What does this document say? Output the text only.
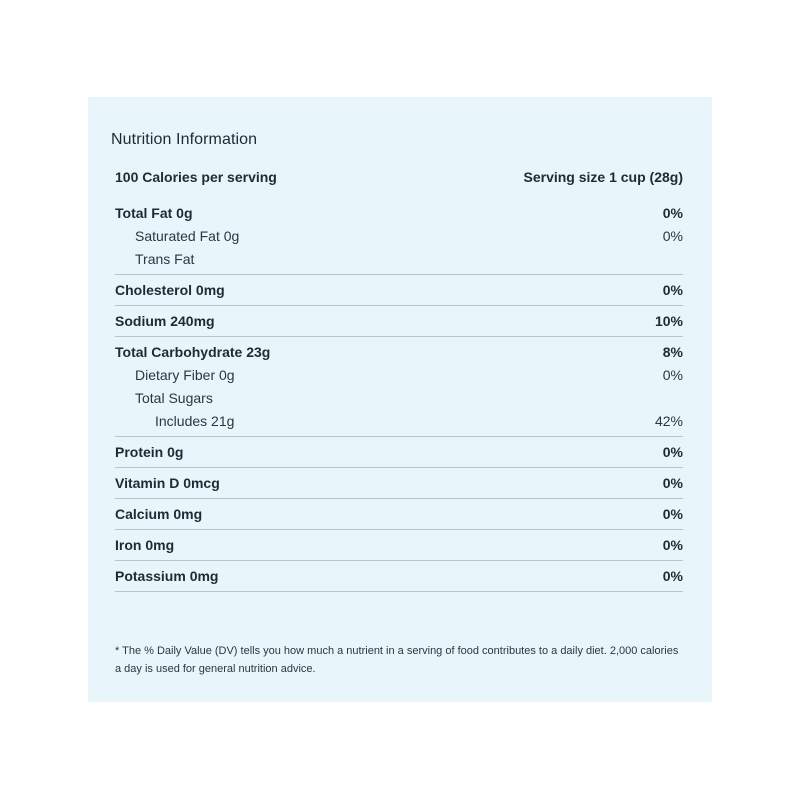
Nutrition Information
100 Calories per serving	Serving size 1 cup (28g)
Total Fat 0g	0%
Saturated Fat 0g	0%
Trans Fat
Cholesterol 0mg	0%
Sodium 240mg	10%
Total Carbohydrate 23g	8%
Dietary Fiber 0g	0%
Total Sugars
Includes 21g	42%
Protein 0g	0%
Vitamin D 0mcg	0%
Calcium 0mg	0%
Iron 0mg	0%
Potassium 0mg	0%
* The % Daily Value (DV) tells you how much a nutrient in a serving of food contributes to a daily diet. 2,000 calories a day is used for general nutrition advice.
